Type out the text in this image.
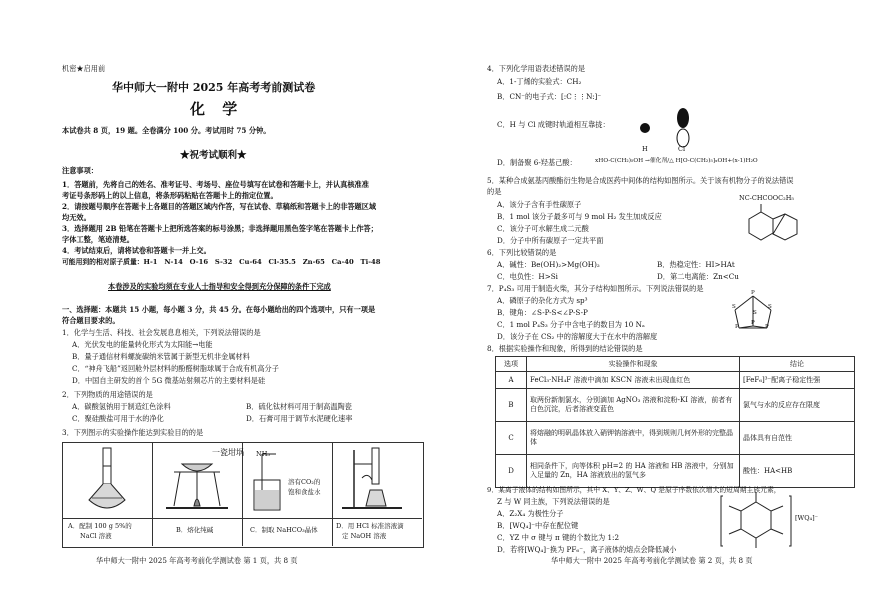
机密★启用前
华中师大一附中 2025 年高考考前测试卷
化 学
本试卷共 8 页，19 题。全卷满分 100 分。考试用时 75 分钟。
★祝考试顺利★
注意事项：
1．答题前，先将自己的姓名、准考证号、考场号、座位号填写在试卷和答题卡上，并认真核准准
考证号条形码上的以上信息，将条形码粘贴在答题卡上的指定位置。
2．请按题号顺序在答题卡上各题目的答题区域内作答，写在试卷、草稿纸和答题卡上的非答题区域
均无效。
3．选择题用 2B 铅笔在答题卡上把所选答案的标号涂黑；非选择题用黑色签字笔在答题卡上作答；
字体工整，笔迹清楚。
4．考试结束后，请将试卷和答题卡一并上交。
可能用到的相对原子质量：H-1　N-14　O-16　S-32　Cu-64　Cl-35.5　Zn-65　Ca-40　Ti-48
本卷涉及的实验均须在专业人士指导和安全得到充分保障的条件下完成
一、选择题：本题共 15 小题，每小题 3 分，共 45 分。在每小题给出的四个选项中，只有一项是
符合题目要求的。
1．化学与生活、科技、社会发展息息相关，下列说法错误的是
A．光伏发电的能量转化形式为太阳能→电能
B．量子通信材料螺旋碳纳米管属于新型无机非金属材料
C．“神舟飞船”返回舱外层材料的酚醛树脂球属于合成有机高分子
D．中国自主研发的首个 5G 微基站射频芯片的主要材料是硅
2．下列物质的用途错误的是
A．碳酸氢钠用于制造红色涂料	B．硫化钛材料可用于制高温陶瓷
C．聚硅酸盐可用于水的净化	D．石膏可用于调节水泥硬化速率
3．下列图示的实验操作能达到实验目的的是
一瓷坩埚 NH₃
溶有CO₂的
饱和食盐水
A．配制 100 g 5%的
NaCl 溶液
B．熔化纯碱	C．制取 NaHCO₃晶体	D．用 HCl 标准溶液滴
定 NaOH 溶液
华中师大一附中 2025 年高考考前化学测试卷 第 1 页，共 8 页
4．下列化学用语表述错误的是
A．1-丁烯的实验式：CH₂
B．CN⁻的电子式：[:C⋮⋮N:]⁻
C．H 与 Cl 成键时轨道相互靠拢：
H	Cl
D．制备聚 6-羟基己酸：	xHO-C(CH₂)₅OH →催化剂/△ H[O-C(CH₂)₅]ₓOH+(x-1)H₂O
5．某种合成氨基丙酸酯衍生物是合成医药中间体的结构如图所示。关于该有机物分子的说法错误
的是
NC-CHCOOC₂H₅
A．该分子含有手性碳原子
B．1 mol 该分子最多可与 9 mol H₂ 发生加成反应
C．该分子可水解生成二元酸
D．分子中所有碳原子一定共平面
6．下列比较错误的是
A．碱性：Be(OH)₂>Mg(OH)₂	B．热稳定性：HI>HAt
C．电负性：H>Si	D．第二电离能：Zn<Cu
7．P₄S₃ 可用于制造火柴，其分子结构如图所示。下列说法错误的是
A．磷原子的杂化方式为 sp³
B．键角：∠S-P-S<∠P-S-P
C．1 mol P₄S₃ 分子中含电子的数目为 10 Nₐ
D．该分子在 CS₂ 中的溶解度大于在水中的溶解度
P
S	S
S
P	P
P
8．根据实验操作和现象，所得到的结论错误的是
选项	实验操作和现象	结论
A	FeCl₃·NH₄F 溶液中滴加 KSCN 溶液未出现血红色	[FeF₆]³⁻配离子稳定性强
B	取两份新制氯水，分别滴加 AgNO₃ 溶液和淀粉-KI 溶液，前者有白色沉淀，后者溶液变蓝色	氯气与水的反应存在限度
C	将熔融的明矾晶体放入硝钾钠溶液中，得到规则几何外形的完整晶体	晶体具有自范性
D	相同条件下，向等体积 pH=2 的 HA 溶液和 HB 溶液中，分别加入足量的 Zn，HA 溶液放出的氢气多	酸性：HA<HB
9．某离子液体的结构如图所示，其中 X、Y、Z、W、Q 是原子序数依次增大的短周期主族元素，
Z 与 W 同主族，下列说法错误的是
A．Z₂X₄ 为极性分子
B．[WQ₄]⁻中存在配位键
C．YZ 中 σ 键与 π 键的个数比为 1:2
D．若将[WQ₄]⁻换为 PF₆⁻，离子液体的熔点会降低减小
[WQ₄]⁻
华中师大一附中 2025 年高考考前化学测试卷 第 2 页，共 8 页
